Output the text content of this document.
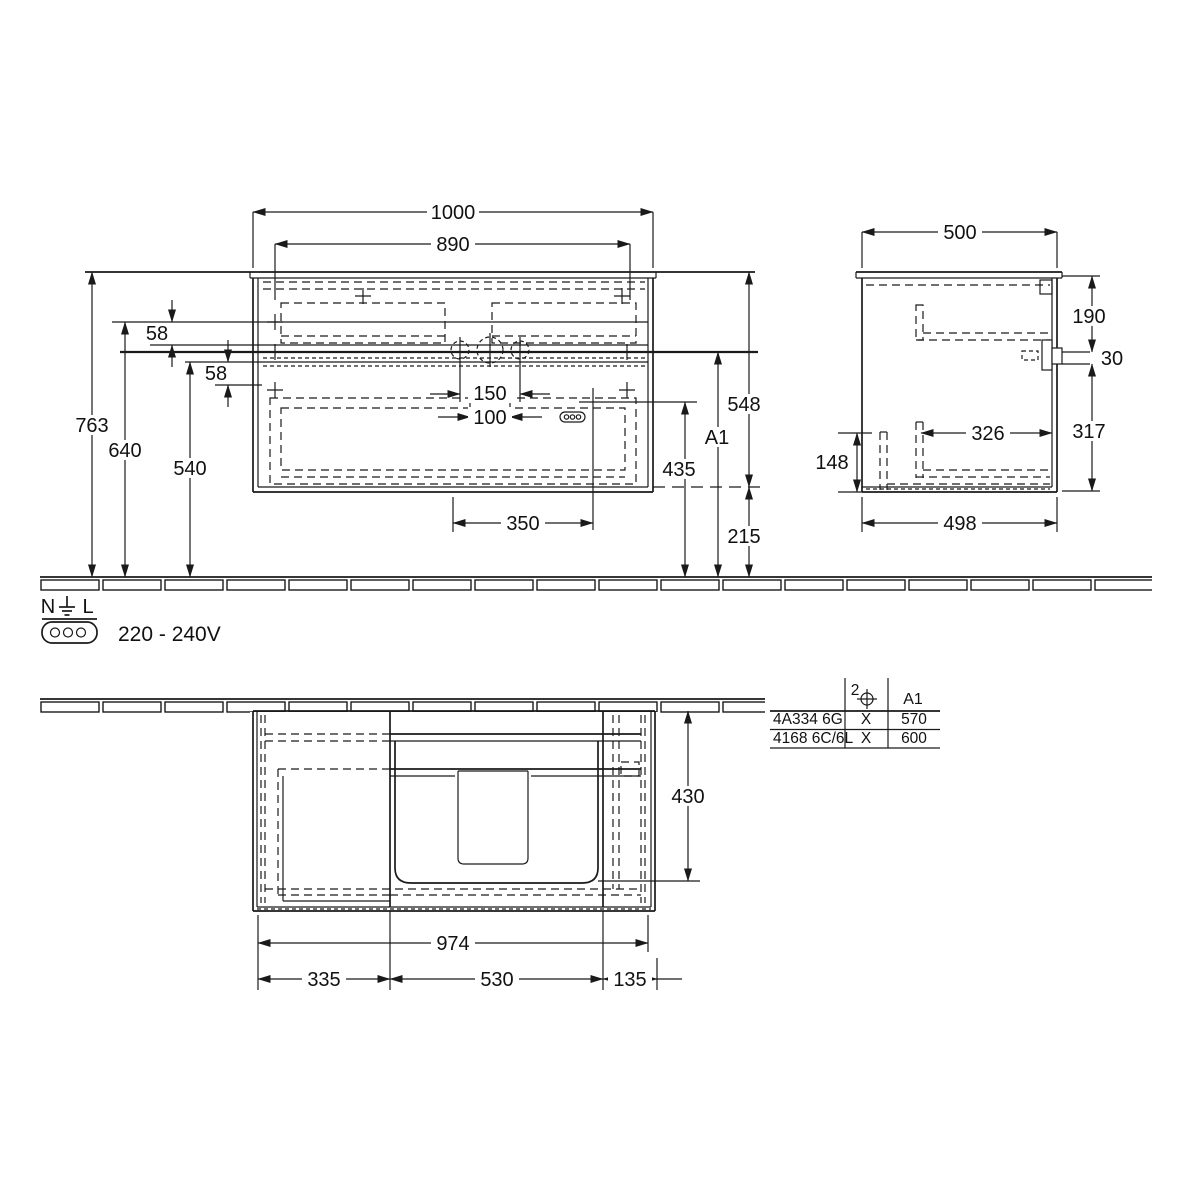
1000
890
763
640
540
58
58
150
100
350
548
A1
435
215
500
190
30
317
326
148
498
N L
220 - 240V
430
974
335	530	135
2
A1
4A334 6G X 570
4168 6C/6L X 600
